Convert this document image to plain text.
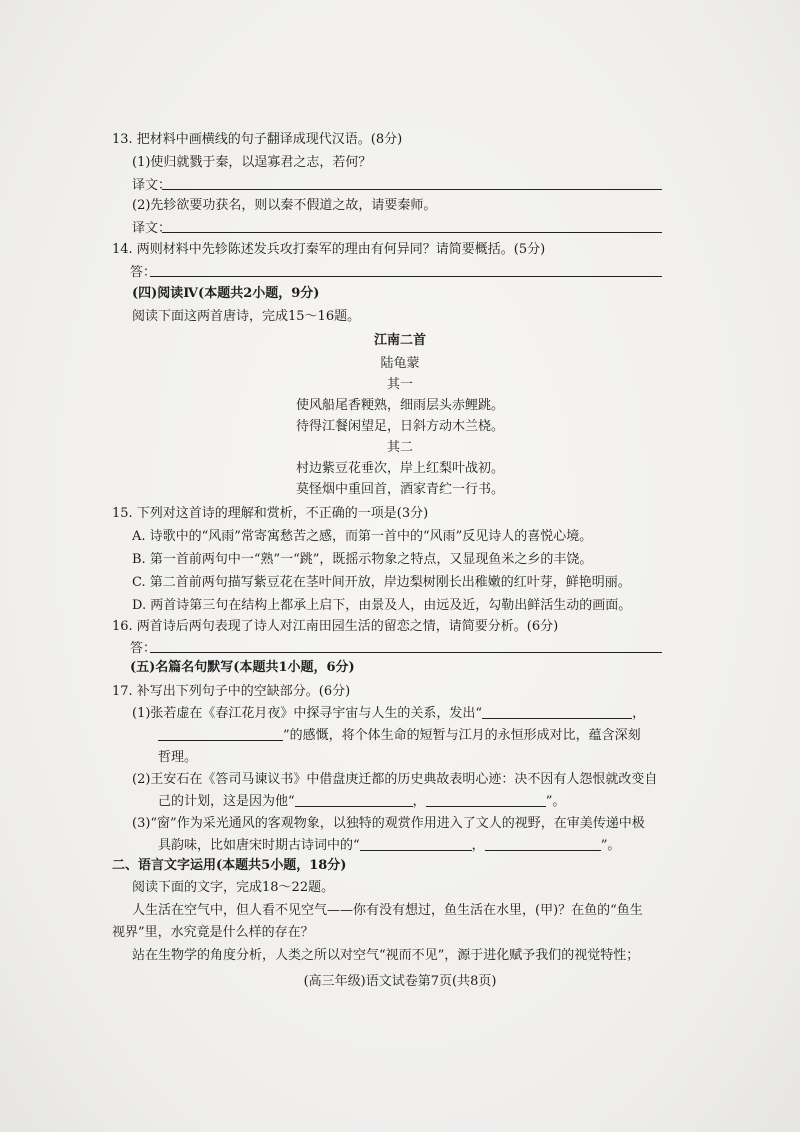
13. 把材料中画横线的句子翻译成现代汉语。(8分)
(1)使归就戮于秦，以逞寡君之志，若何？
译文：
(2)先轸欲要功获名，则以秦不假道之故，请要秦师。
译文：
14. 两则材料中先轸陈述发兵攻打秦军的理由有何异同？请简要概括。(5分)
答：
(四)阅读Ⅳ(本题共2小题，9分)
阅读下面这两首唐诗，完成15～16题。
江南二首
陆龟蒙
其一
使风船尾香粳熟，细雨层头赤鲤跳。
待得江餐闲望足，日斜方动木兰桡。
其二
村边紫豆花垂次，岸上红梨叶战初。
莫怪烟中重回首，酒家青纻一行书。
15. 下列对这首诗的理解和赏析，不正确的一项是(3分)
A. 诗歌中的“风雨”常寄寓愁苦之感，而第一首中的“风雨”反见诗人的喜悦心境。
B. 第一首前两句中一“熟”一“跳”，既摇示物象之特点，又显现鱼米之乡的丰饶。
C. 第二首前两句描写紫豆花在茎叶间开放，岸边梨树刚长出稚嫩的红叶芽，鲜艳明丽。
D. 两首诗第三句在结构上都承上启下，由景及人，由远及近，勾勒出鲜活生动的画面。
16. 两首诗后两句表现了诗人对江南田园生活的留恋之情，请简要分析。(6分)
答：
(五)名篇名句默写(本题共1小题，6分)
17. 补写出下列句子中的空缺部分。(6分)
(1)张若虚在《春江花月夜》中探寻宇宙与人生的关系，发出“	，
”的感慨，将个体生命的短暂与江月的永恒形成对比，蕴含深刻
哲理。
(2)王安石在《答司马谏议书》中借盘庚迁都的历史典故表明心迹：决不因有人怨恨就改变自
己的计划，这是因为他“	，	”。
(3)“窗”作为采光通风的客观物象，以独特的观赏作用进入了文人的视野，在审美传递中极
具韵味，比如唐宋时期古诗词中的“	，	”。
二、语言文字运用(本题共5小题，18分)
阅读下面的文字，完成18～22题。
人生活在空气中，但人看不见空气——你有没有想过，鱼生活在水里，(甲)？在鱼的“鱼生
视界”里，水究竟是什么样的存在？
站在生物学的角度分析，人类之所以对空气“视而不见”，源于进化赋予我们的视觉特性；
(高三年级)语文试卷第7页(共8页)
